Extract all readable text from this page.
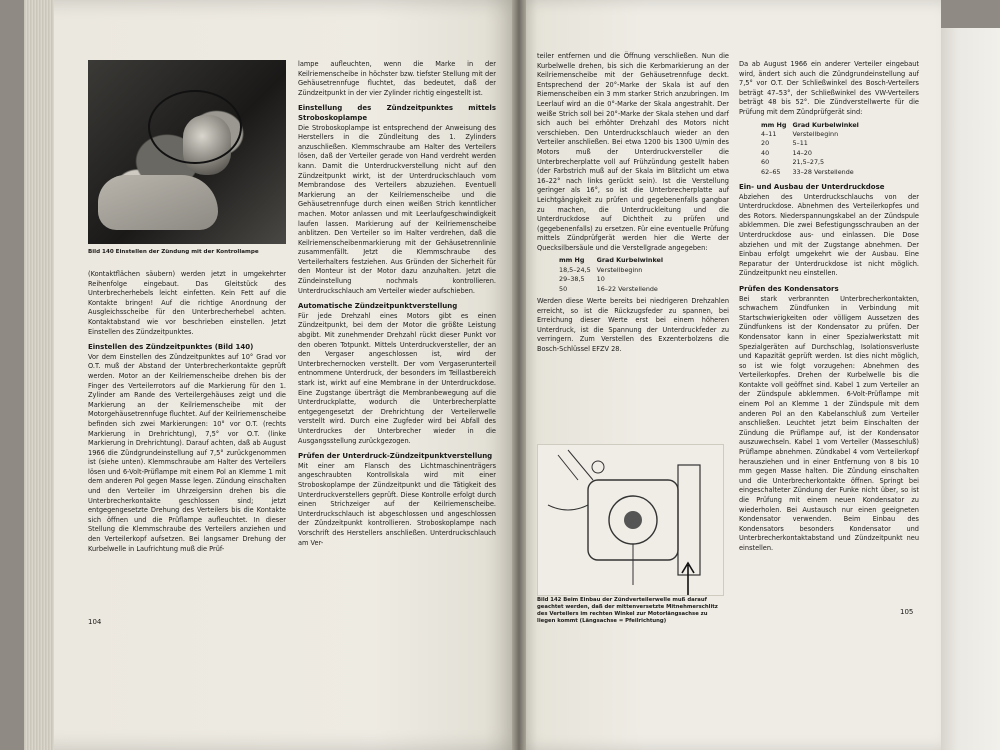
Bild 140 Einstellen der Zündung mit der Kontrollampe

(Kontaktflächen säubern) werden jetzt in umgekehrter Reihenfolge eingebaut. Das Gleitstück des Unterbrecherhebels leicht einfetten. Kein Fett auf die Kontakte bringen! Auf die richtige Anordnung der Ausgleichsscheibe für den Unterbrecherhebel achten. Kontaktabstand wie vor beschrieben einstellen. Jetzt Einstellen des Zündzeitpunktes.

Einstellen des Zündzeitpunktes (Bild 140)

Vor dem Einstellen des Zündzeitpunktes auf 10° Grad vor O.T. muß der Abstand der Unterbrecherkontakte geprüft werden. Motor an der Keilriemenscheibe drehen bis der Finger des Verteilerrotors auf die Markierung für den 1. Zylinder am Rande des Verteilergehäuses zeigt und die Markierung an der Keilriemenscheibe mit der Motorgehäusetrennfuge fluchtet. Auf der Keilriemenscheibe befinden sich zwei Markierungen: 10° vor O.T. (rechts Markierung in Drehrichtung), 7,5° vor O.T. (linke Markierung in Drehrichtung). Darauf achten, daß ab August 1966 die Zündgrundeinstellung auf 7,5° zurückgenommen ist (siehe unten). Klemmschraube am Halter des Verteilers lösen und 6-Volt-Prüflampe mit einem Pol an Klemme 1 mit dem anderen Pol gegen Masse legen. Zündung einschalten und den Verteiler im Uhrzeigersinn drehen bis die Unterbrecherkontakte geschlossen sind; jetzt entgegengesetzte Drehung des Verteilers bis die Kontakte sich öffnen und die Prüflampe aufleuchtet. In dieser Stellung die Klemmschraube des Verteilers anziehen und den Verteilerkopf aufsetzen. Bei langsamer Drehung der Kurbelwelle in Laufrichtung muß die Prüf-

lampe aufleuchten, wenn die Marke in der Keilriemenscheibe in höchster bzw. tiefster Stellung mit der Gehäusetrennfuge fluchtet, das bedeutet, daß der Zündzeitpunkt in der vier Zylinder richtig eingestellt ist.

Einstellung des Zündzeitpunktes mittels Stroboskoplampe

Die Stroboskoplampe ist entsprechend der Anweisung des Herstellers in die Zündleitung des 1. Zylinders anzuschließen. Klemmschraube am Halter des Verteilers lösen, daß der Verteiler gerade von Hand verdreht werden kann. Damit die Unterdruckverstellung nicht auf den Zündzeitpunkt wirkt, ist der Unterdruckschlauch vom Membrandose des Verteilers abzuziehen. Eventuell Markierung an der Keilriemenscheibe und die Gehäusetrennfuge durch einen weißen Strich kenntlicher machen. Motor anlassen und mit Leerlaufgeschwindigkeit laufen lassen. Markierung auf der Keilriemenscheibe anblitzen. Den Verteiler so im Halter verdrehen, daß die Keilriemenscheibenmarkierung mit der Gehäusetrennlinie zusammenfällt. Jetzt die Klemmschraube des Verteilerhalters festziehen. Aus Gründen der Sicherheit für den Monteur ist der Motor dazu anzuhalten. Jetzt die Zündeinstellung nochmals kontrollieren. Unterdruckschlauch am Verteiler wieder aufschieben.

Automatische Zündzeitpunktverstellung

Für jede Drehzahl eines Motors gibt es einen Zündzeitpunkt, bei dem der Motor die größte Leistung abgibt. Mit zunehmender Drehzahl rückt dieser Punkt vor den oberen Totpunkt. Mittels Unterdruckversteller, der an den Vergaser angeschlossen ist, wird der Unterbrechernocken verstellt. Der vom Vergaserunterteil entnommene Unterdruck, der besonders im Teillastbereich stark ist, wirkt auf eine Membrane in der Unterdruckdose. Eine Zugstange überträgt die Membranbewegung auf die Unterdruckplatte, wodurch die Unterbrecherplatte entgegengesetzt der Drehrichtung der Verteilerwelle verstellt wird. Durch eine Zugfeder wird bei Abfall des Unterdruckes der Unterbrecher wieder in die Ausgangsstellung zurückgezogen.

Prüfen der Unterdruck-Zündzeitpunktverstellung

Mit einer am Flansch des Lichtmaschinenträgers angeschraubten Kontrollskala wird mit einer Stroboskoplampe der Zündzeitpunkt und die Tätigkeit des Unterdruckverstellers geprüft. Diese Kontrolle erfolgt durch einen Strichzeiger auf der Keilriemenscheibe. Unterdruckschlauch ist abgeschlossen und angeschlossen der Zündzeitpunkt kontrollieren. Stroboskoplampe nach Vorschrift des Herstellers anschließen. Unterdruckschlauch am Ver-

104

teiler entfernen und die Öffnung verschließen. Nun die Kurbelwelle drehen, bis sich die Kerbmarkierung an der Keilriemenscheibe mit der Gehäusetrennfuge deckt. Entsprechend der 20°-Marke der Skala ist auf den Riemenscheiben ein 3 mm starker Strich anzubringen. Im Leerlauf wird an die 0°-Marke der Skala angestrahlt. Der weiße Strich soll bei 20°-Marke der Skala stehen und darf sich auch bei erhöhter Drehzahl des Motors nicht verschieben. Den Unterdruckschlauch wieder an den Verteiler anschließen. Bei etwa 1200 bis 1300 U/min des Motors muß der Unterdruckversteller die Unterbrecherplatte voll auf Frühzündung gestellt haben (der Farbstrich muß auf der Skala im Blitzlicht um etwa 16–22° nach links gerückt sein). Ist die Verstellung geringer als 16°, so ist die Unterbrecherplatte auf Leichtgängigkeit zu prüfen und gegebenenfalls gangbar zu machen, die Unterdruckleitung und die Unterdruckdose auf Dichtheit zu prüfen und (gegebenenfalls) zu ersetzen. Für eine eventuelle Prüfung mittels Zündprüfgerät werden hier die Werte der Quecksilbersäule und die Verstellgrade angegeben:

mm Hg	Grad Kurbelwinkel
18,5–24,5	Verstellbeginn
29–38,5	10
50	16–22 Verstellende

Werden diese Werte bereits bei niedrigeren Drehzahlen erreicht, so ist die Rückzugsfeder zu spannen, bei Erreichung dieser Werte erst bei einem höheren Unterdruck, ist die Spannung der Unterdruckfeder zu verringern. Zum Verstellen des Exzenterbolzens die Bosch-Schlüssel EFZV 28.

Bild 142 Beim Einbau der Zündverteilerwelle muß darauf geachtet werden, daß der mittenversetzte Mitnehmerschlitz des Verteilers im rechten Winkel zur Motorlängsachse zu liegen kommt (Längsachse = Pfeilrichtung)

Da ab August 1966 ein anderer Verteiler eingebaut wird, ändert sich auch die Zündgrundeinstellung auf 7,5° vor O.T. Der Schließwinkel des Bosch-Verteilers beträgt 47–53°, der Schließwinkel des VW-Verteilers beträgt 48 bis 52°. Die Zündverstellwerte für die Prüfung mit dem Zündprüfgerät sind:

mm Hg	Grad Kurbelwinkel
4–11	Verstellbeginn
20	5–11
40	14–20
60	21,5–27,5
62–65	33–28 Verstellende

Ein- und Ausbau der Unterdruckdose

Abziehen des Unterdruckschlauchs von der Unterdruckdose. Abnehmen des Verteilerkopfes und des Rotors. Niederspannungskabel an der Zündspule abklemmen. Die zwei Befestigungsschrauben an der Unterdruckdose aus- und einlassen. Die Dose abziehen und mit der Zugstange abnehmen. Der Einbau erfolgt umgekehrt wie der Ausbau. Eine Reparatur der Unterdruckdose ist nicht möglich. Zündzeitpunkt neu einstellen.

Prüfen des Kondensators

Bei stark verbrannten Unterbrecherkontakten, schwachem Zündfunken in Verbindung mit Startschwierigkeiten oder völligem Aussetzen des Zündfunkens ist der Kondensator zu prüfen. Der Kondensator kann in einer Spezialwerkstatt mit Spezialgeräten auf Durchschlag, Isolationsverluste und Kapazität geprüft werden. Ist dies nicht möglich, so ist wie folgt vorzugehen: Abnehmen des Verteilerkopfes. Drehen der Kurbelwelle bis die Kontakte voll geöffnet sind. Kabel 1 zum Verteiler an der Zündspule abklemmen. 6-Volt-Prüflampe mit einem Pol an Klemme 1 der Zündspule mit dem anderen Pol an den Kabelanschluß zum Verteiler anschließen. Leuchtet jetzt beim Einschalten der Zündung die Prüflampe auf, ist der Kondensator auszuwechseln. Kabel 1 vom Verteiler (Masseschluß) Prüflampe abnehmen. Zündkabel 4 vom Verteilerkopf herausziehen und in einer Entfernung von 8 bis 10 mm gegen Masse halten. Die Zündung einschalten und die Unterbrecherkontakte öffnen. Springt bei eingeschalteter Zündung der Funke nicht über, so ist die Prüfung mit einem neuen Kondensator zu wiederholen. Bei Austausch nur einen geeigneten Kondensator verwenden. Beim Einbau des Kondensators besonders Kondensator und Unterbrecherkontaktabstand und Zündzeitpunkt neu einstellen.

105
